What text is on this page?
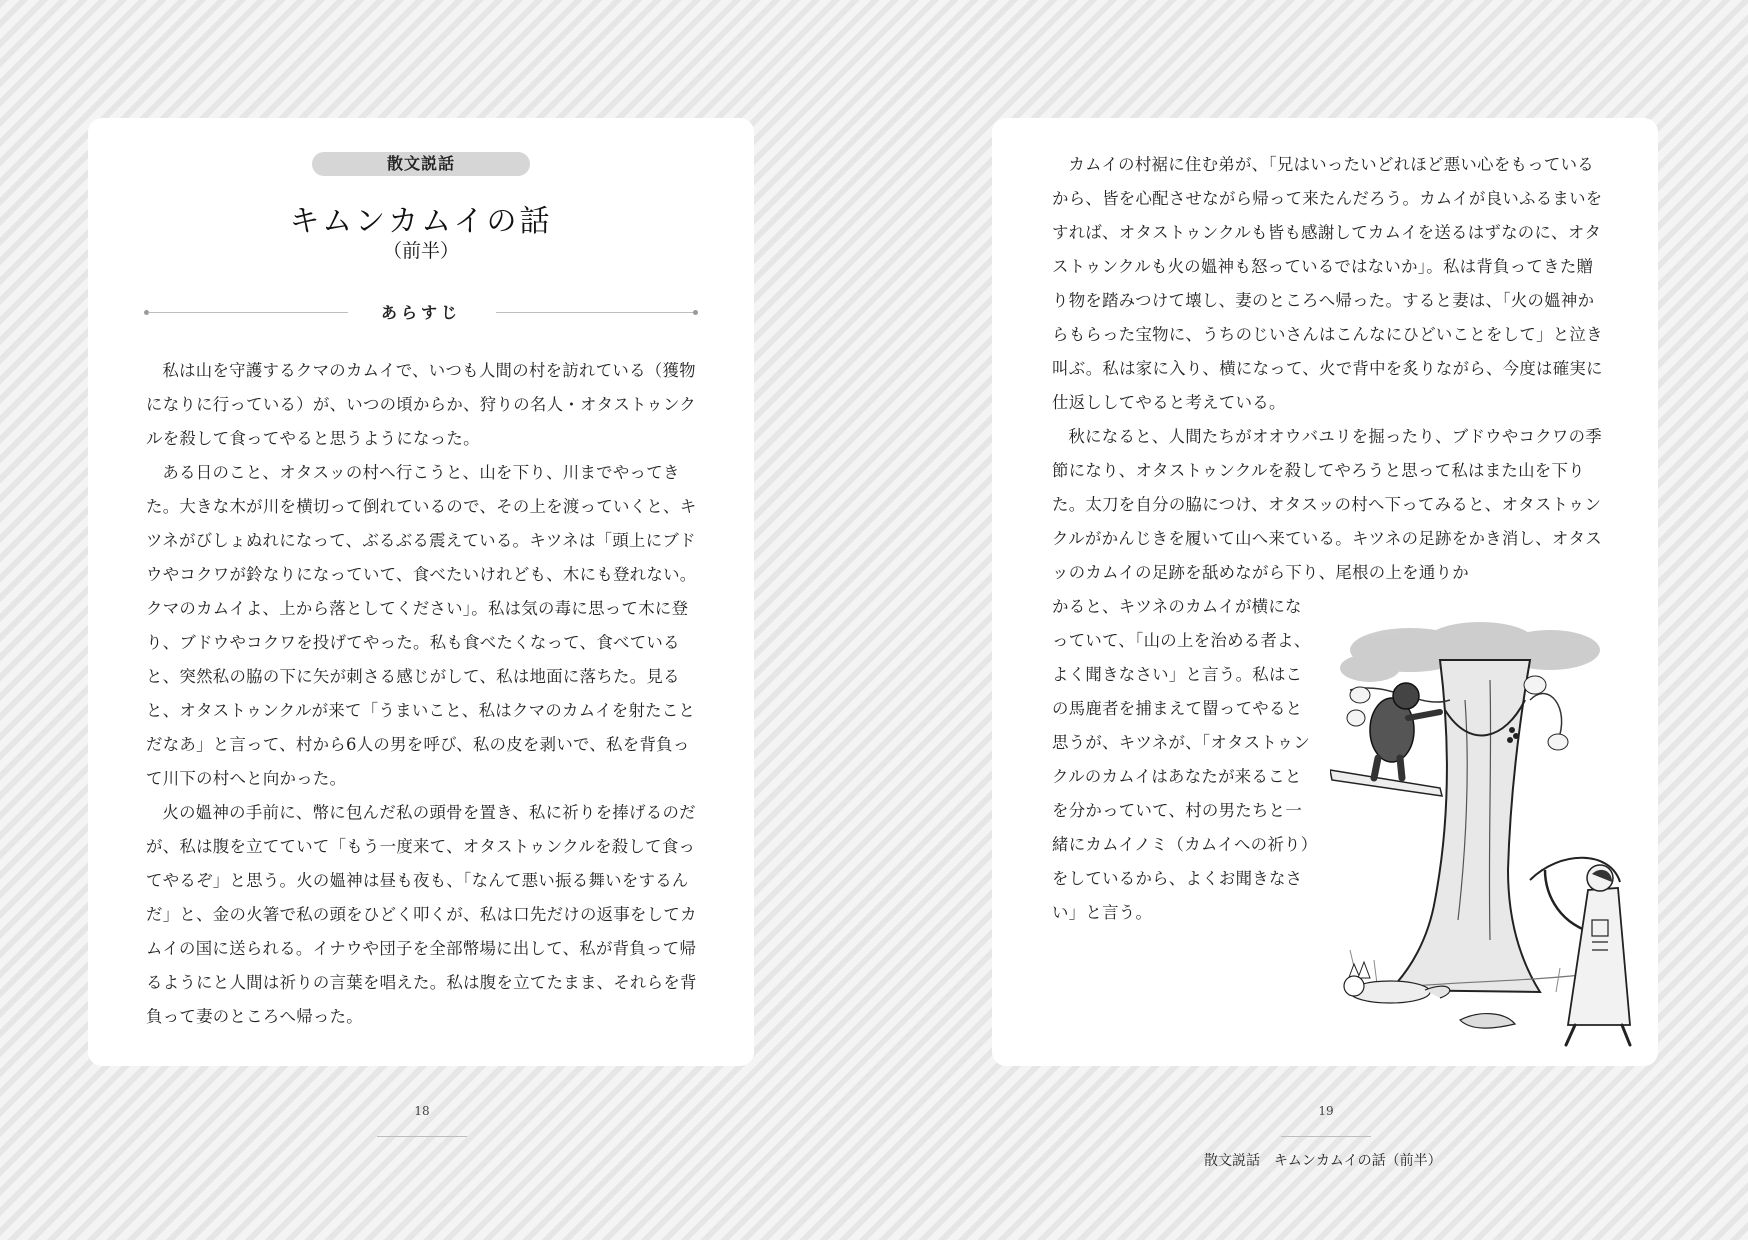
散文説話
キムンカムイの話
（前半）
あらすじ

私は山を守護するクマのカムイで、いつも人間の村を訪れている（獲物になりに行っている）が、いつの頃からか、狩りの名人・オタストゥンクルを殺して食ってやると思うようになった。

ある日のこと、オタスッの村へ行こうと、山を下り、川までやってきた。大きな木が川を横切って倒れているので、その上を渡っていくと、キツネがびしょぬれになって、ぶるぶる震えている。キツネは「頭上にブドウやコクワが鈴なりになっていて、食べたいけれども、木にも登れない。クマのカムイよ、上から落としてください」。私は気の毒に思って木に登り、ブドウやコクワを投げてやった。私も食べたくなって、食べていると、突然私の脇の下に矢が刺さる感じがして、私は地面に落ちた。見ると、オタストゥンクルが来て「うまいこと、私はクマのカムイを射たことだなあ」と言って、村から6人の男を呼び、私の皮を剥いで、私を背負って川下の村へと向かった。

火の媼神の手前に、幣に包んだ私の頭骨を置き、私に祈りを捧げるのだが、私は腹を立てていて「もう一度来て、オタストゥンクルを殺して食ってやるぞ」と思う。火の媼神は昼も夜も、「なんて悪い振る舞いをするんだ」と、金の火箸で私の頭をひどく叩くが、私は口先だけの返事をしてカムイの国に送られる。イナウや団子を全部幣場に出して、私が背負って帰るようにと人間は祈りの言葉を唱えた。私は腹を立てたまま、それらを背負って妻のところへ帰った。

カムイの村裾に住む弟が、「兄はいったいどれほど悪い心をもっているから、皆を心配させながら帰って来たんだろう。カムイが良いふるまいをすれば、オタストゥンクルも皆も感謝してカムイを送るはずなのに、オタストゥンクルも火の媼神も怒っているではないか」。私は背負ってきた贈り物を踏みつけて壊し、妻のところへ帰った。すると妻は、「火の媼神からもらった宝物に、うちのじいさんはこんなにひどいことをして」と泣き叫ぶ。私は家に入り、横になって、火で背中を炙りながら、今度は確実に仕返ししてやると考えている。

秋になると、人間たちがオオウバユリを掘ったり、ブドウやコクワの季節になり、オタストゥンクルを殺してやろうと思って私はまた山を下りた。太刀を自分の脇につけ、オタスッの村へ下ってみると、オタストゥンクルがかんじきを履いて山へ来ている。キツネの足跡をかき消し、オタスッのカムイの足跡を舐めながら下り、尾根の上を通りか

かると、キツネのカムイが横になっていて、「山の上を治める者よ、よく聞きなさい」と言う。私はこの馬鹿者を捕まえて罶ってやると思うが、キツネが、「オタストゥンクルのカムイはあなたが来ることを分かっていて、村の男たちと一緒にカムイノミ（カムイへの祈り）をしているから、よくお聞きなさい」と言う。

18	19
散文説話 キムンカムイの話（前半）
